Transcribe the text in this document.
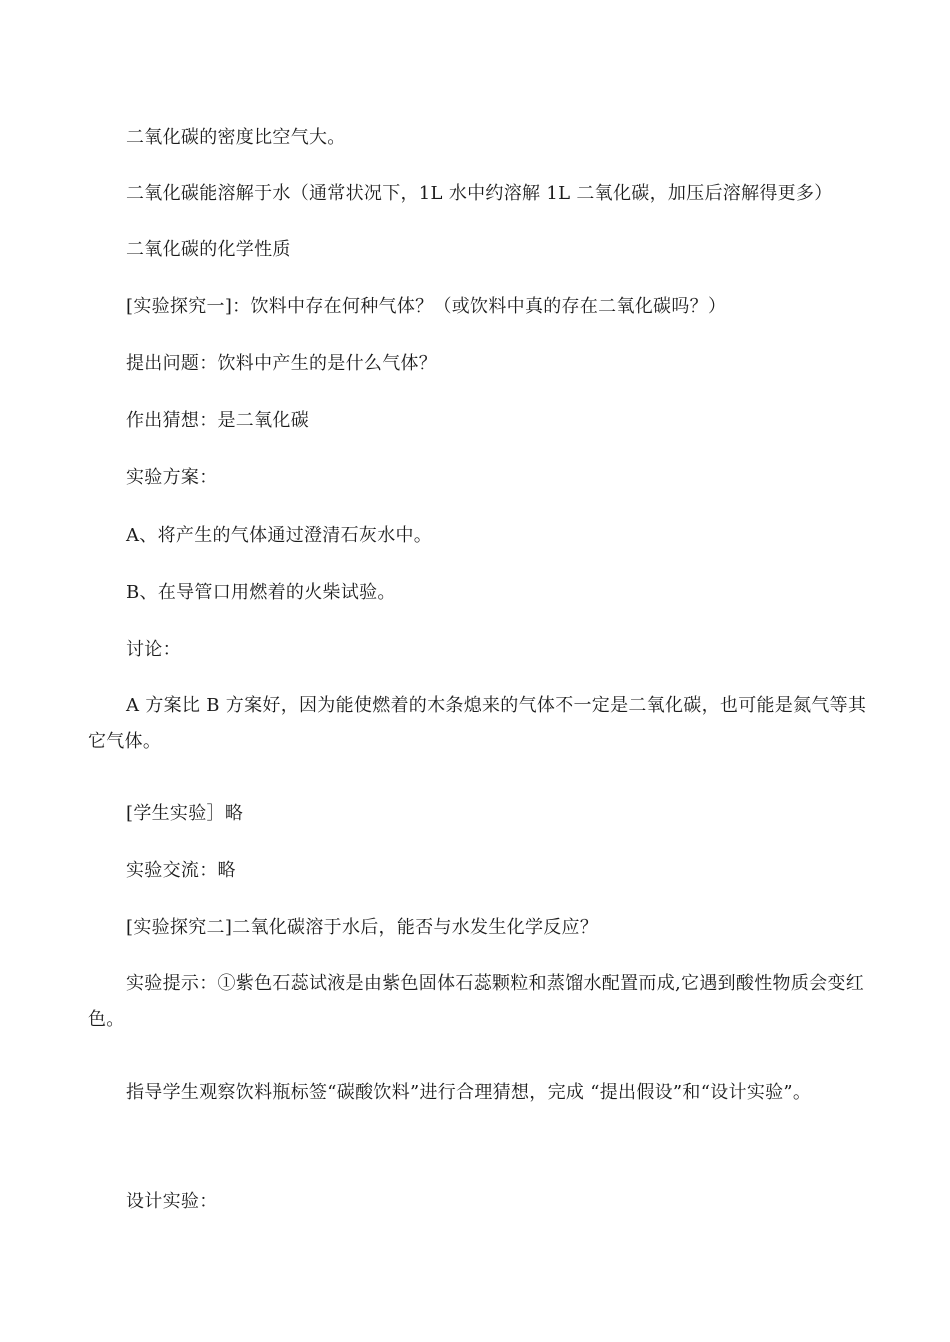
二氧化碳的密度比空气大。

二氧化碳能溶解于水（通常状况下，1L 水中约溶解 1L 二氧化碳，加压后溶解得更多）

二氧化碳的化学性质

[实验探究一]：饮料中存在何种气体？（或饮料中真的存在二氧化碳吗？）

提出问题：饮料中产生的是什么气体？

作出猜想：是二氧化碳

实验方案：

A、将产生的气体通过澄清石灰水中。

B、在导管口用燃着的火柴试验。

讨论：

A 方案比 B 方案好，因为能使燃着的木条熄来的气体不一定是二氧化碳，也可能是氮气等其它气体。

[学生实验］略

实验交流：略

[实验探究二]二氧化碳溶于水后，能否与水发生化学反应？

实验提示：①紫色石蕊试液是由紫色固体石蕊颗粒和蒸馏水配置而成,它遇到酸性物质会变红色。

指导学生观察饮料瓶标签“碳酸饮料”进行合理猜想，完成 “提出假设”和“设计实验”。

设计实验：
